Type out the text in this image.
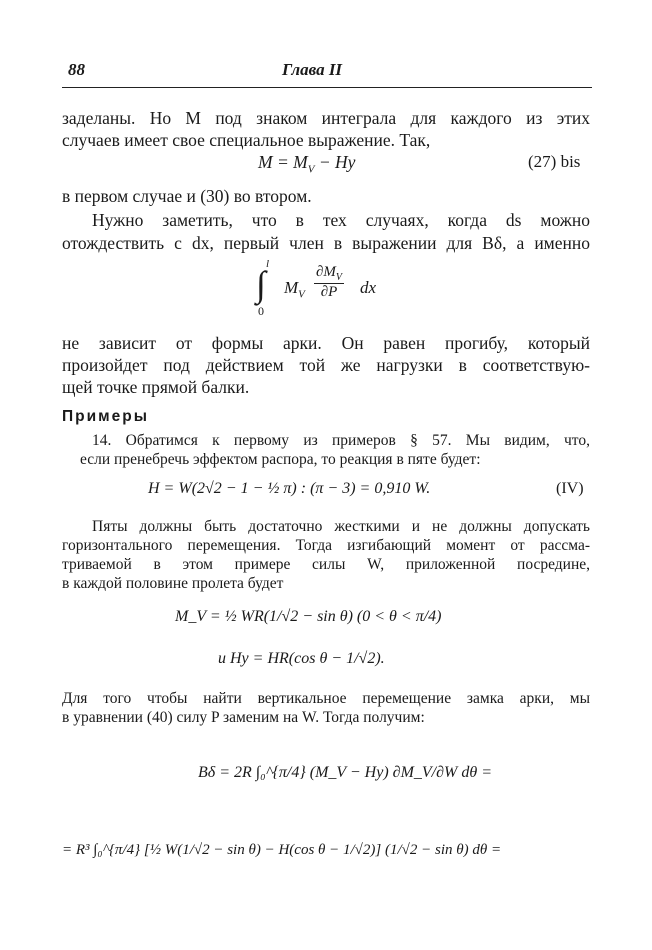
88	Глава II
заделаны. Но M под знаком интеграла для каждого из этих
случаев имеет свое специальное выражение. Так,
$M = M_V - Hy$	(27) bis
в первом случае и (30) во втором.
Нужно заметить, что в тех случаях, когда ds можно
отождествить с dx, первый член в выражении для Bδ, а именно
l
∫
0
$M_V \frac{\partial M_V}{\partial P}$ dx
не зависит от формы арки. Он равен прогибу, который
произойдет под действием той же нагрузки в соответствую-
щей точке прямой балки.
Примеры
14. Обратимся к первому из примеров § 57. Мы видим, что,
если пренебречь эффектом распора, то реакция в пяте будет:
H = W(2√2 − 1 − ½ π) : (π − 3) = 0,910 W.	(IV)
Пяты должны быть достаточно жесткими и не должны допускать
горизонтального перемещения. Тогда изгибающий момент от рассма-
триваемой в этом примере силы W, приложенной посредине,
в каждой половине пролета будет
M_V = ½ WR(1/√2 − sin θ) (0 < θ < π/4)
и Hy = HR(cos θ − 1/√2).
Для того чтобы найти вертикальное перемещение замка арки, мы
в уравнении (40) силу P заменим на W. Тогда получим:
Bδ = 2R ∫₀^{π/4} (M_V − Hy) ∂M_V/∂W dθ =
= R³ ∫₀^{π/4} [½ W(1/√2 − sin θ) − H(cos θ − 1/√2)] (1/√2 − sin θ) dθ =
